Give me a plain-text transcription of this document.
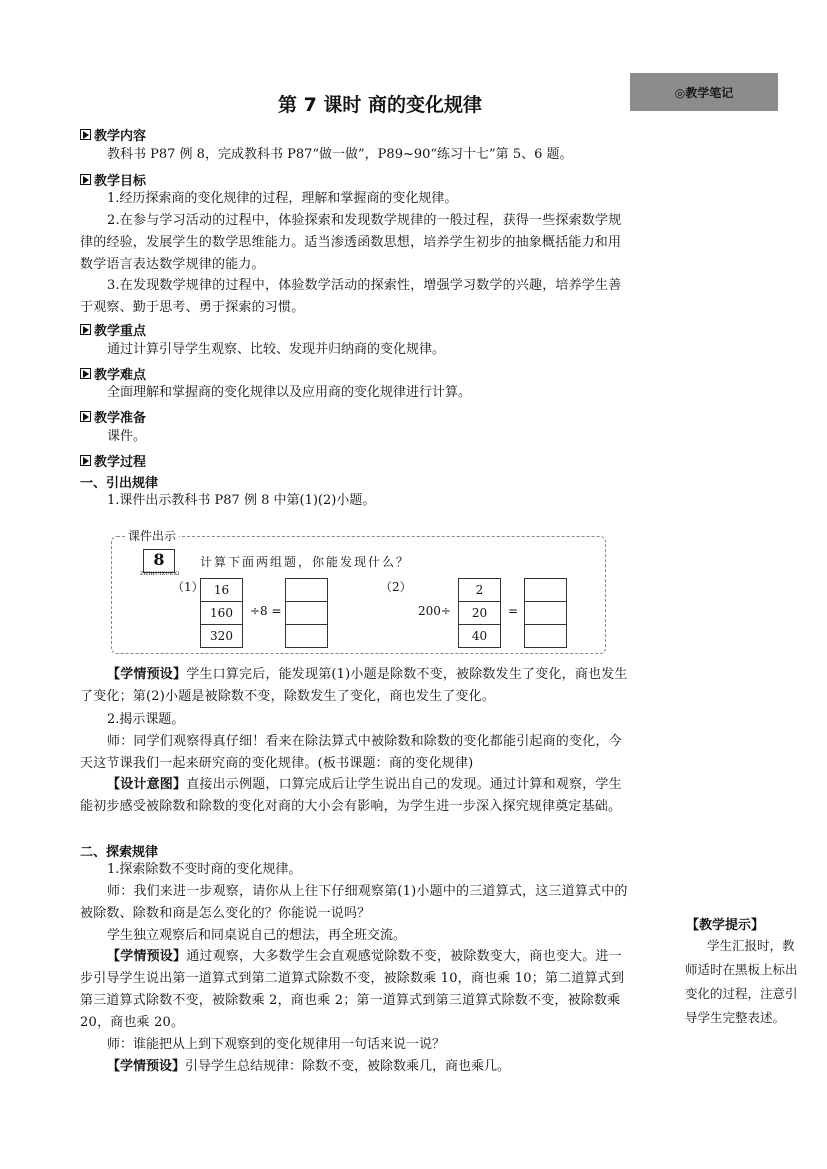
第 7 课时 商的变化规律
◎教学笔记
教学内容
教科书 P87 例 8，完成教科书 P87“做一做”，P89~90“练习十七”第 5、6 题。
教学目标
1.经历探索商的变化规律的过程，理解和掌握商的变化规律。
2.在参与学习活动的过程中，体验探索和发现数学规律的一般过程，获得一些探索数学规律的经验，发展学生的数学思维能力。适当渗透函数思想，培养学生初步的抽象概括能力和用数学语言表达数学规律的能力。
3.在发现数学规律的过程中，体验数学活动的探索性，增强学习数学的兴趣，培养学生善于观察、勤于思考、勇于探索的习惯。
教学重点
通过计算引导学生观察、比较、发现并归纳商的变化规律。
教学难点
全面理解和掌握商的变化规律以及应用商的变化规律进行计算。
教学准备
课件。
教学过程
一、引出规律
1.课件出示教科书 P87 例 8 中第(1)(2)小题。
课件出示
8
ZHIHUIXUEXI
计算下面两组题，你能发现什么？
（1） 16
160
320
÷8 =
（2）
200÷
2
20
40
=
【学情预设】学生口算完后，能发现第(1)小题是除数不变，被除数发生了变化，商也发生了变化；第(2)小题是被除数不变，除数发生了变化，商也发生了变化。
2.揭示课题。
师：同学们观察得真仔细！看来在除法算式中被除数和除数的变化都能引起商的变化，今天这节课我们一起来研究商的变化规律。(板书课题：商的变化规律)
【设计意图】直接出示例题，口算完成后让学生说出自己的发现。通过计算和观察，学生能初步感受被除数和除数的变化对商的大小会有影响，为学生进一步深入探究规律奠定基础。
二、探索规律
1.探索除数不变时商的变化规律。
师：我们来进一步观察，请你从上往下仔细观察第(1)小题中的三道算式，这三道算式中的被除数、除数和商是怎么变化的？你能说一说吗？
学生独立观察后和同桌说自己的想法，再全班交流。
【学情预设】通过观察，大多数学生会直观感觉除数不变，被除数变大，商也变大。进一步引导学生说出第一道算式到第二道算式除数不变，被除数乘 10，商也乘 10；第二道算式到第三道算式除数不变，被除数乘 2，商也乘 2；第一道算式到第三道算式除数不变，被除数乘 20，商也乘 20。
师：谁能把从上到下观察到的变化规律用一句话来说一说？
【学情预设】引导学生总结规律：除数不变，被除数乘几，商也乘几。
【教学提示】
学生汇报时，教师适时在黑板上标出变化的过程，注意引导学生完整表述。
